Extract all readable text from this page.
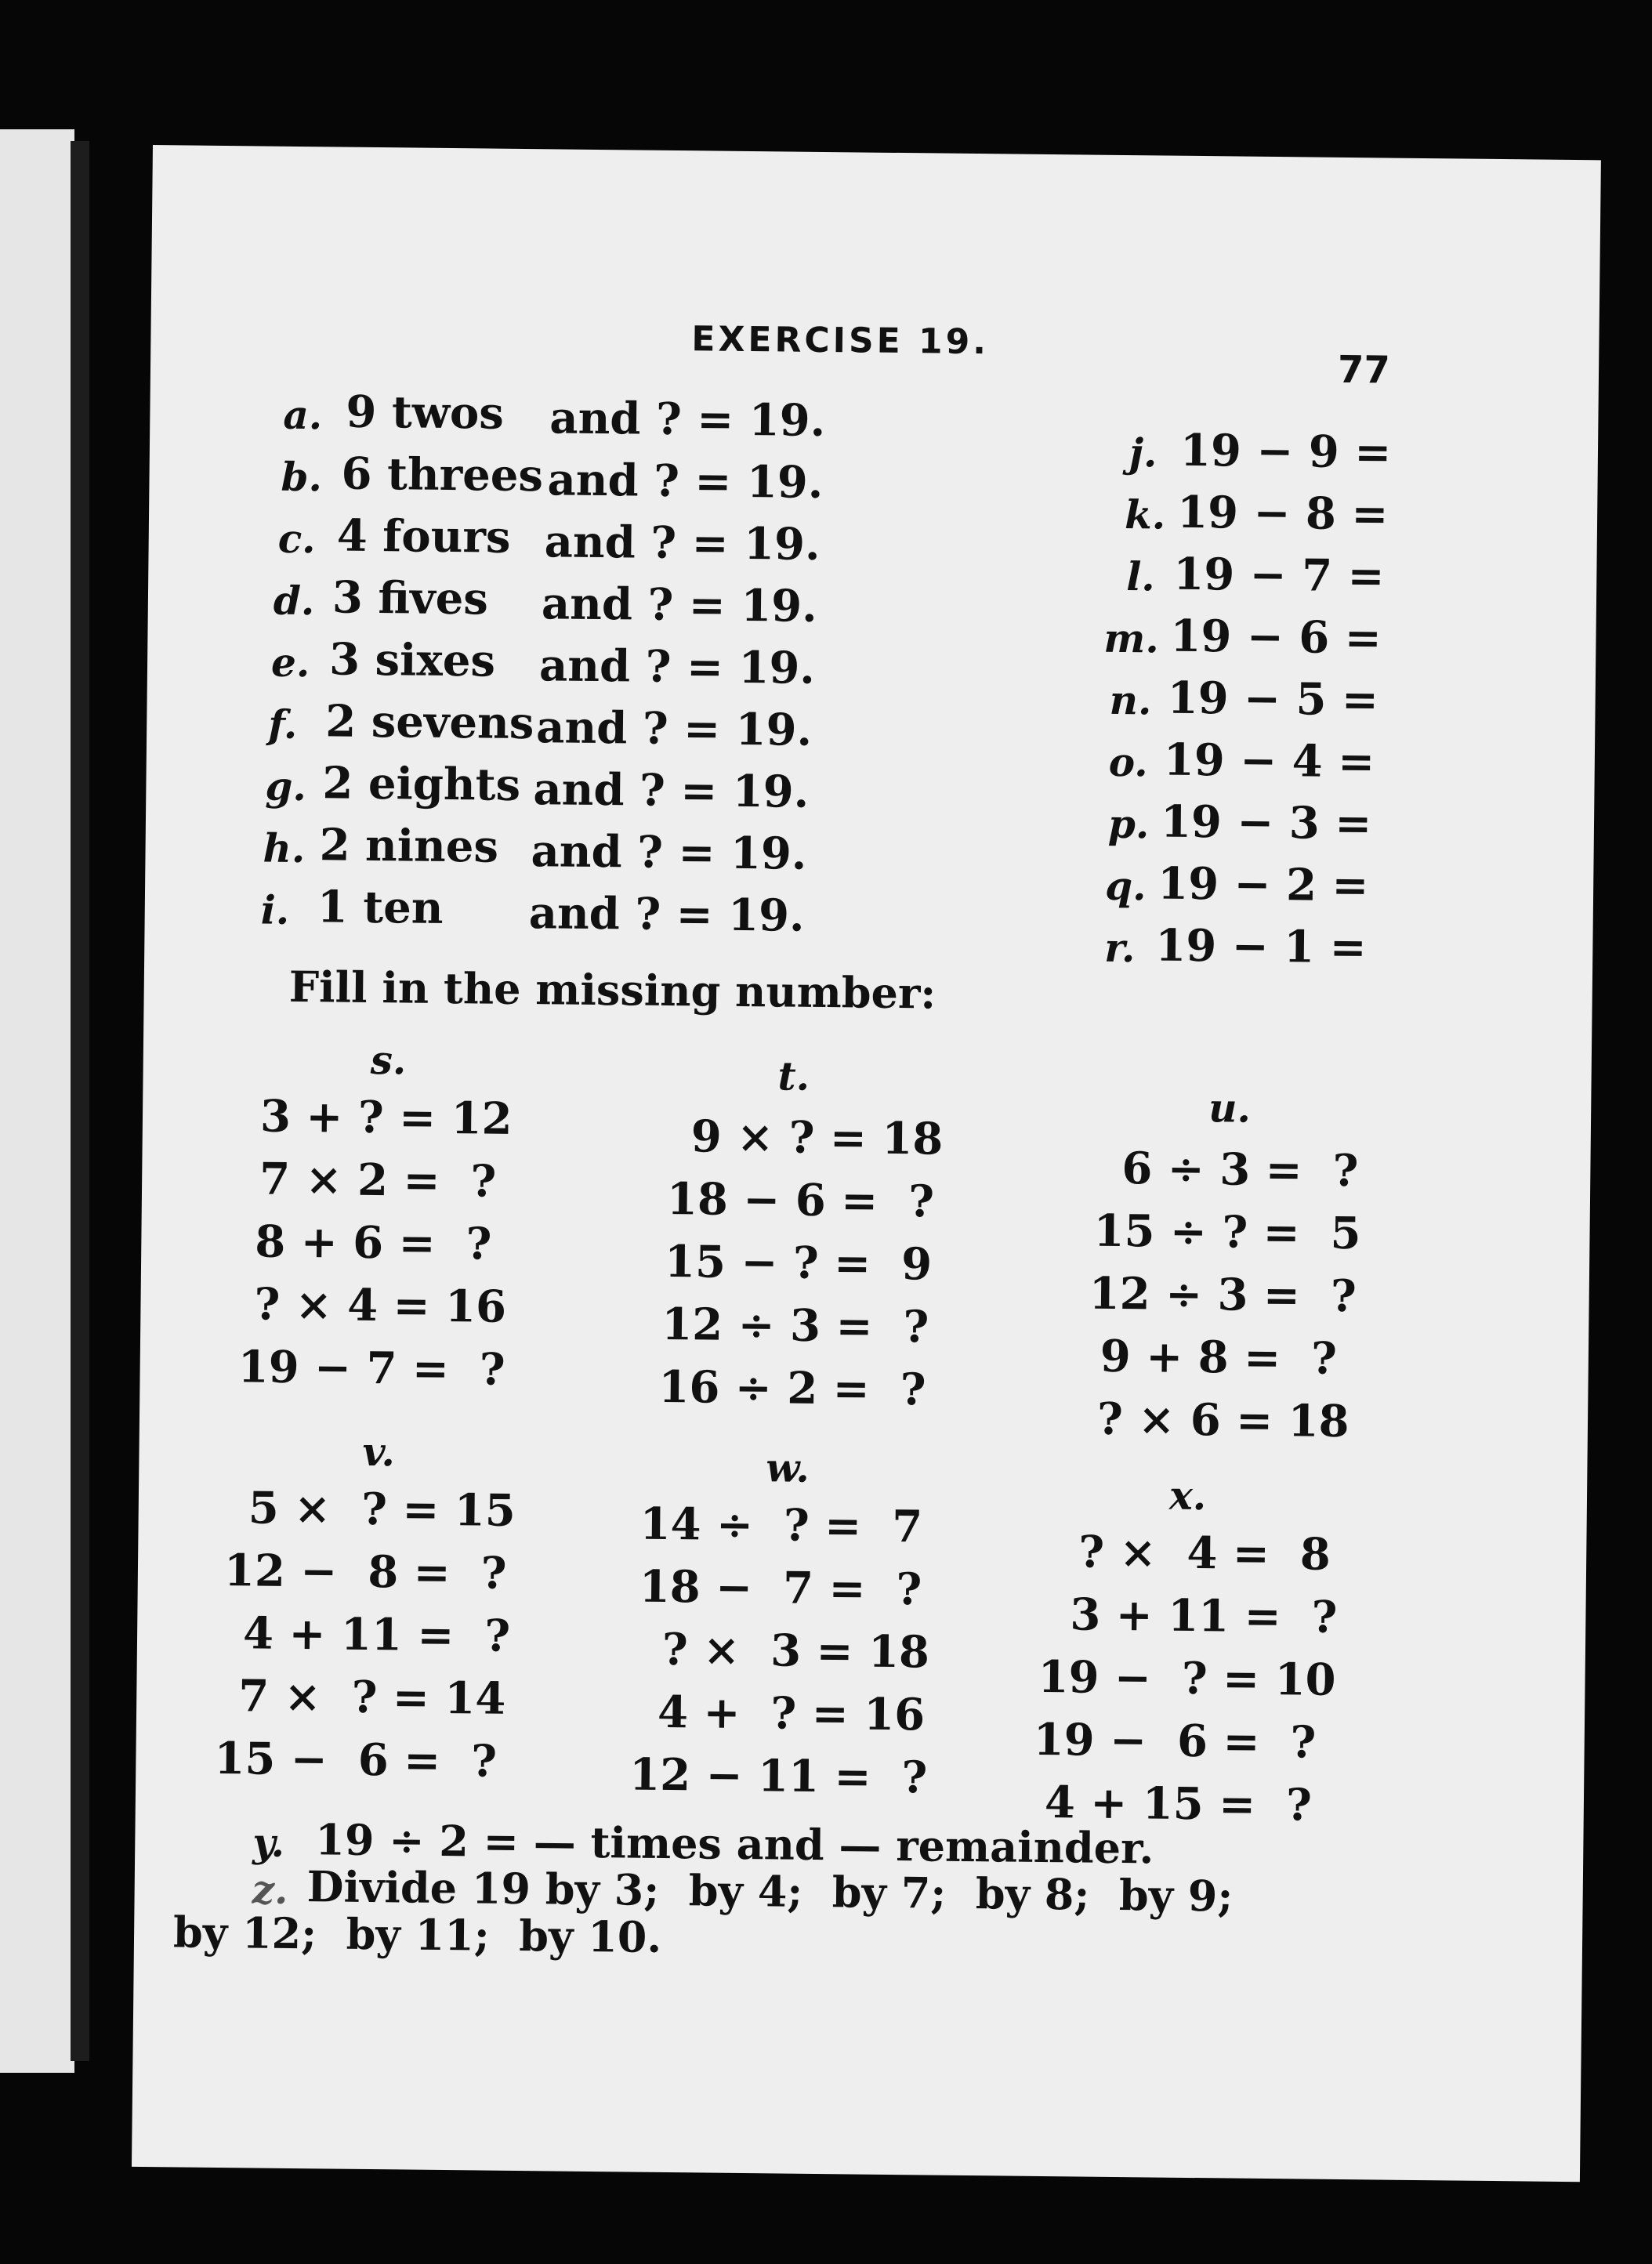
EXERCISE 19.
77
a. 9 twos and ? = 19.
b. 6 threes and ? = 19.
c. 4 fours and ? = 19.
d. 3 fives and ? = 19.
e. 3 sixes and ? = 19.
f. 2 sevens and ? = 19.
g. 2 eights and ? = 19.
h. 2 nines and ? = 19.
i. 1 ten and ? = 19.
j. 19 − 9 =
k. 19 − 8 =
l. 19 − 7 =
m. 19 − 6 =
n. 19 − 5 =
o. 19 − 4 =
p. 19 − 3 =
q. 19 − 2 =
r. 19 − 1 =
Fill in the missing number:
s.
3 + ? = 12
7 × 2 =  ?
8 + 6 =  ?
? × 4 = 16
19 − 7 =  ?
t.
9 × ? = 18
18 − 6 =  ?
15 − ? =  9
12 ÷ 3 =  ?
16 ÷ 2 =  ?
u.
6 ÷ 3 =  ?
15 ÷ ? =  5
12 ÷ 3 =  ?
9 + 8 =  ?
? × 6 = 18
v.
5 ×  ? = 15
12 −  8 =  ?
4 + 11 =  ?
7 ×  ? = 14
15 −  6 =  ?
w.
14 ÷  ? =  7
18 −  7 =  ?
? ×  3 = 18
4 +  ? = 16
12 − 11 =  ?
x.
? ×  4 =  8
3 + 11 =  ?
19 −  ? = 10
19 −  6 =  ?
4 + 15 =  ?
y. 19 ÷ 2 = — times and — remainder.
z. Divide 19 by 3;  by 4;  by 7;  by 8;  by 9;
by 12;  by 11;  by 10.
